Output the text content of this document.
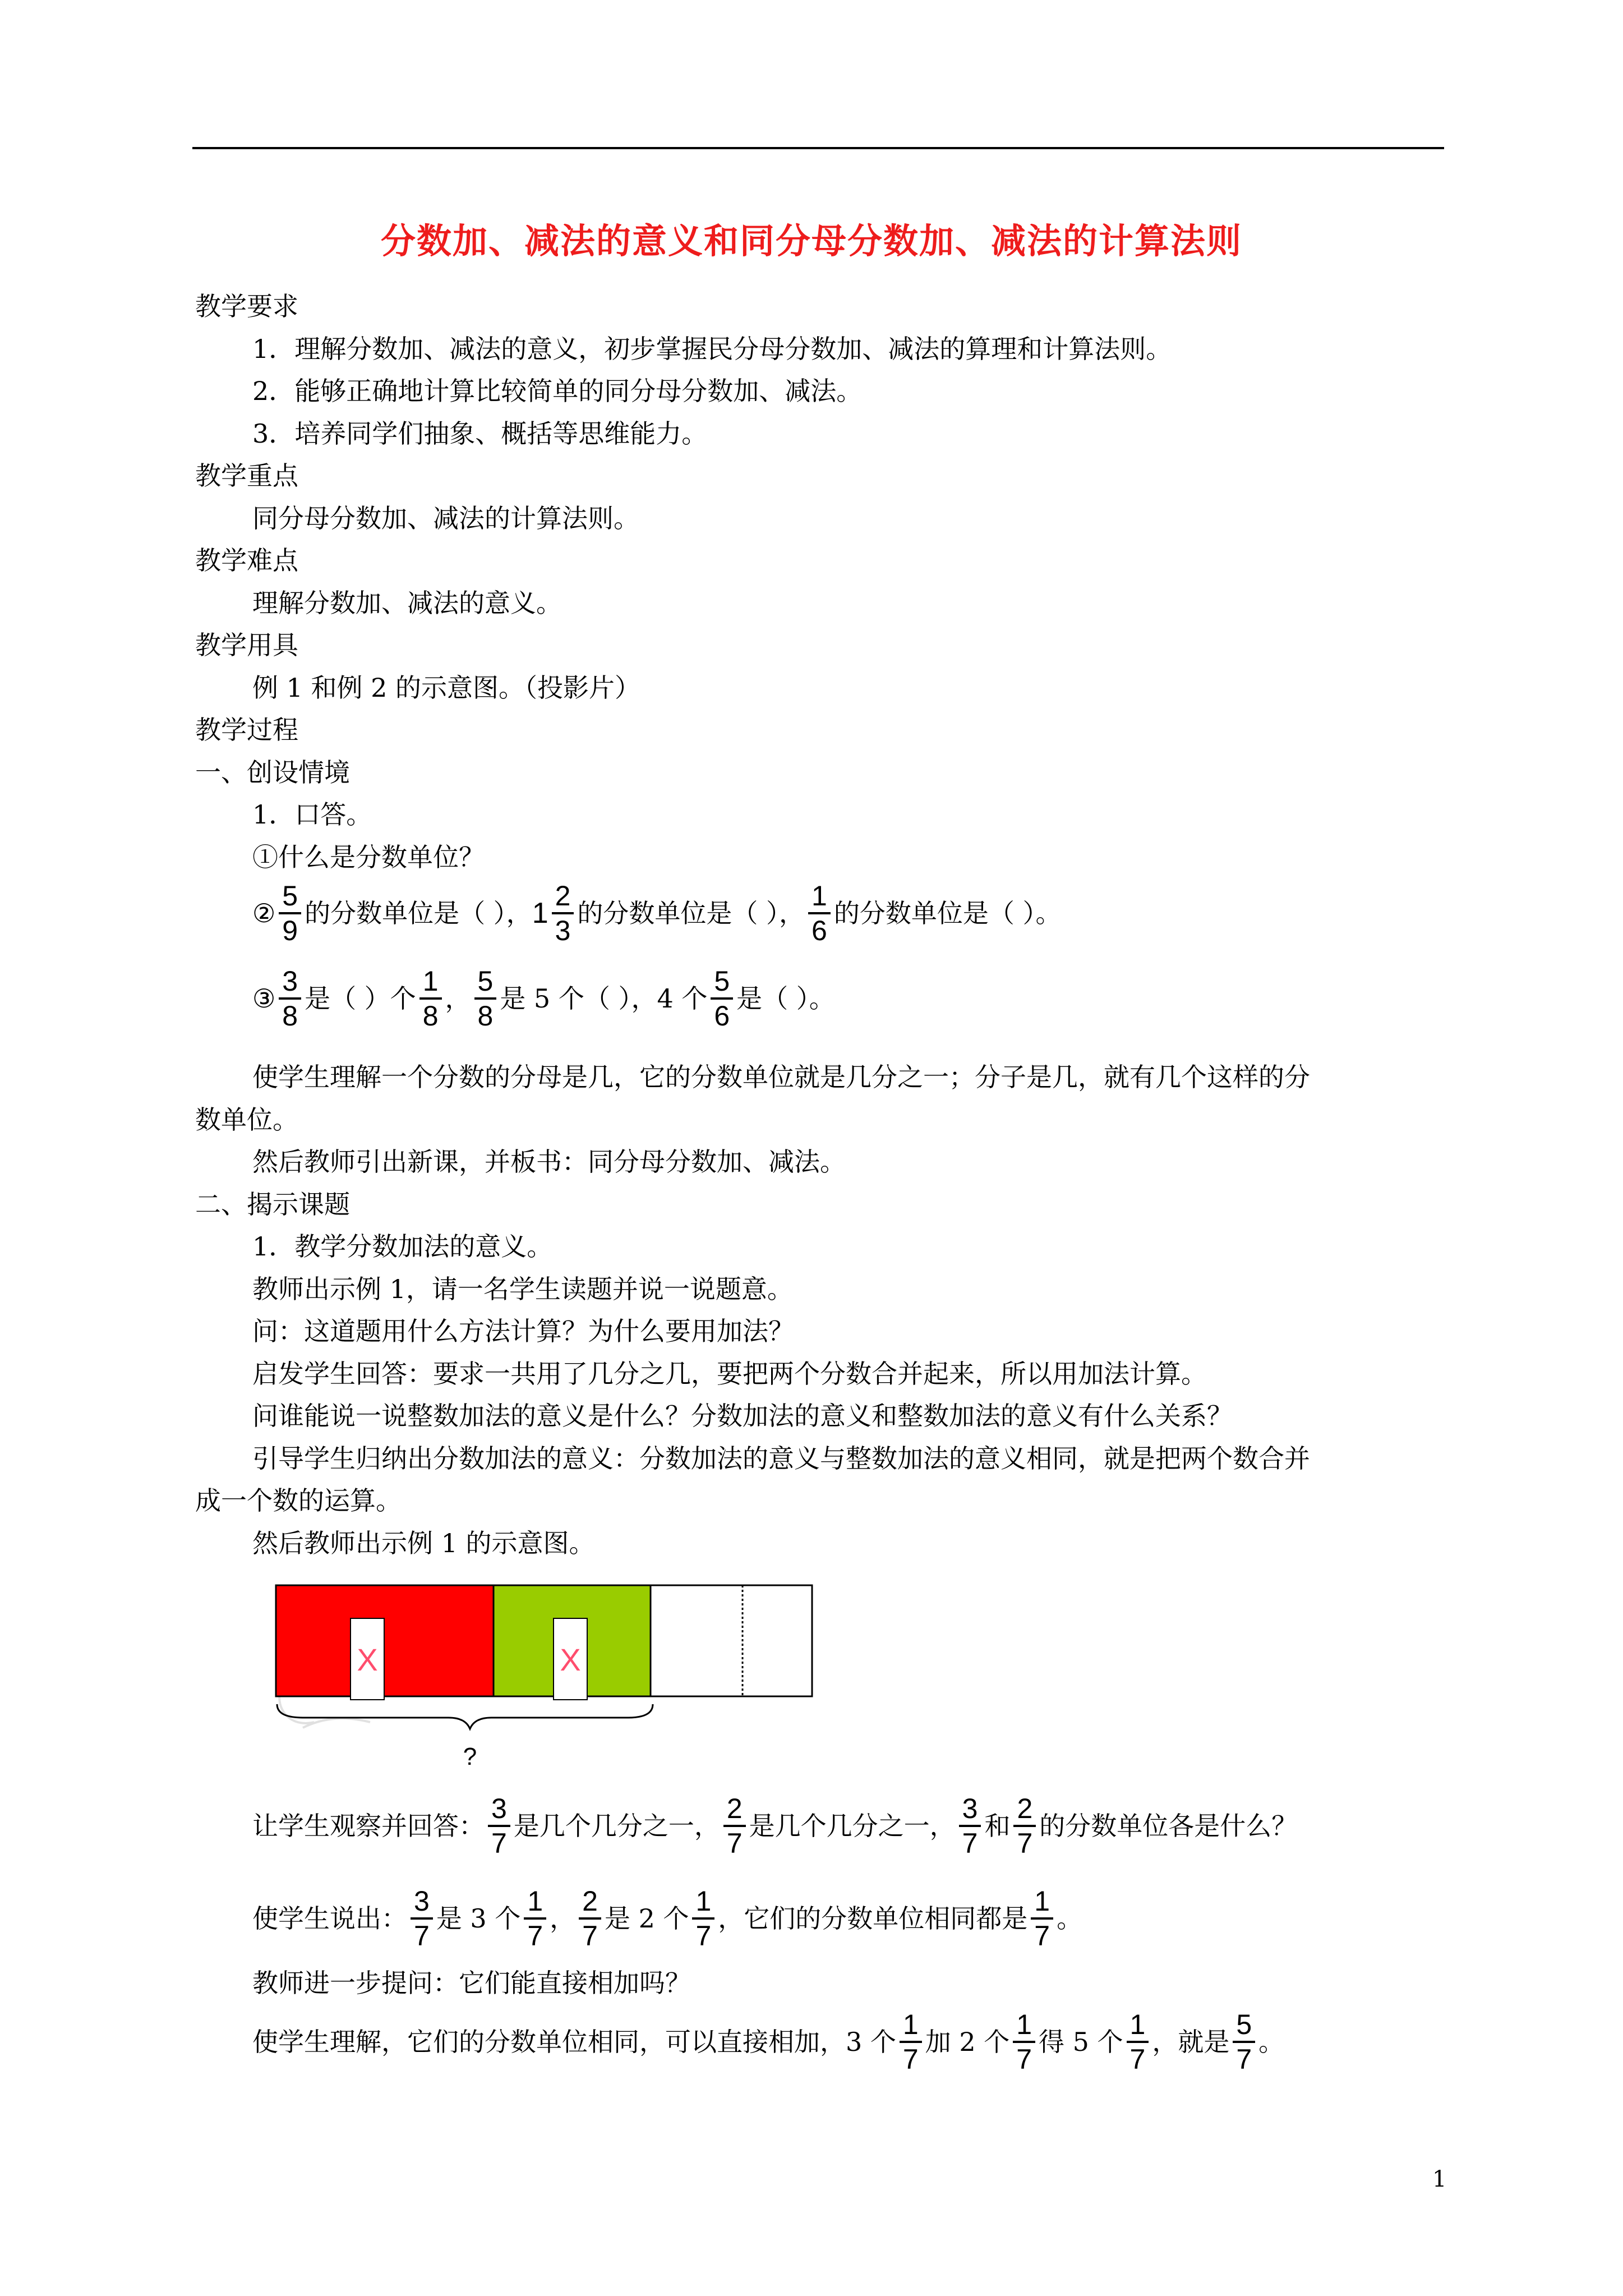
分数加、减法的意义和同分母分数加、减法的计算法则
教学要求
1．理解分数加、减法的意义，初步掌握民分母分数加、减法的算理和计算法则。
2．能够正确地计算比较简单的同分母分数加、减法。
3．培养同学们抽象、概括等思维能力。
教学重点
同分母分数加、减法的计算法则。
教学难点
理解分数加、减法的意义。
教学用具
例 1 和例 2 的示意图。（投影片）
教学过程
一、创设情境
1．口答。
①什么是分数单位？
② $\frac{5}{9}$ 的分数单位是（ ）， $1 \frac{2}{3}$ 的分数单位是（ ）， $\frac{1}{6}$ 的分数单位是（ ）。
③ $\frac{3}{8}$ 是（ ）个 $\frac{1}{8}$ ， $\frac{5}{8}$ 是 5 个（ ），4 个 $\frac{5}{6}$ 是（ ）。
使学生理解一个分数的分母是几，它的分数单位就是几分之一；分子是几，就有几个这样的分
数单位。
然后教师引出新课，并板书：同分母分数加、减法。
二、揭示课题
1．教学分数加法的意义。
教师出示例 1，请一名学生读题并说一说题意。
问：这道题用什么方法计算？为什么要用加法？
启发学生回答：要求一共用了几分之几，要把两个分数合并起来，所以用加法计算。
问谁能说一说整数加法的意义是什么？分数加法的意义和整数加法的意义有什么关系？
引导学生归纳出分数加法的意义：分数加法的意义与整数加法的意义相同，就是把两个数合并
成一个数的运算。
然后教师出示例 1 的示意图。
X	X
?
让学生观察并回答： $\frac{3}{7}$ 是几个几分之一， $\frac{2}{7}$ 是几个几分之一， $\frac{3}{7}$ 和 $\frac{2}{7}$ 的分数单位各是什么？
使学生说出： $\frac{3}{7}$ 是 3 个 $\frac{1}{7}$ ， $\frac{2}{7}$ 是 2 个 $\frac{1}{7}$ ，它们的分数单位相同都是 $\frac{1}{7}$ 。
教师进一步提问：它们能直接相加吗？
使学生理解，它们的分数单位相同，可以直接相加，3 个 $\frac{1}{7}$ 加 2 个 $\frac{1}{7}$ 得 5 个 $\frac{1}{7}$ ，就是 $\frac{5}{7}$ 。
1
